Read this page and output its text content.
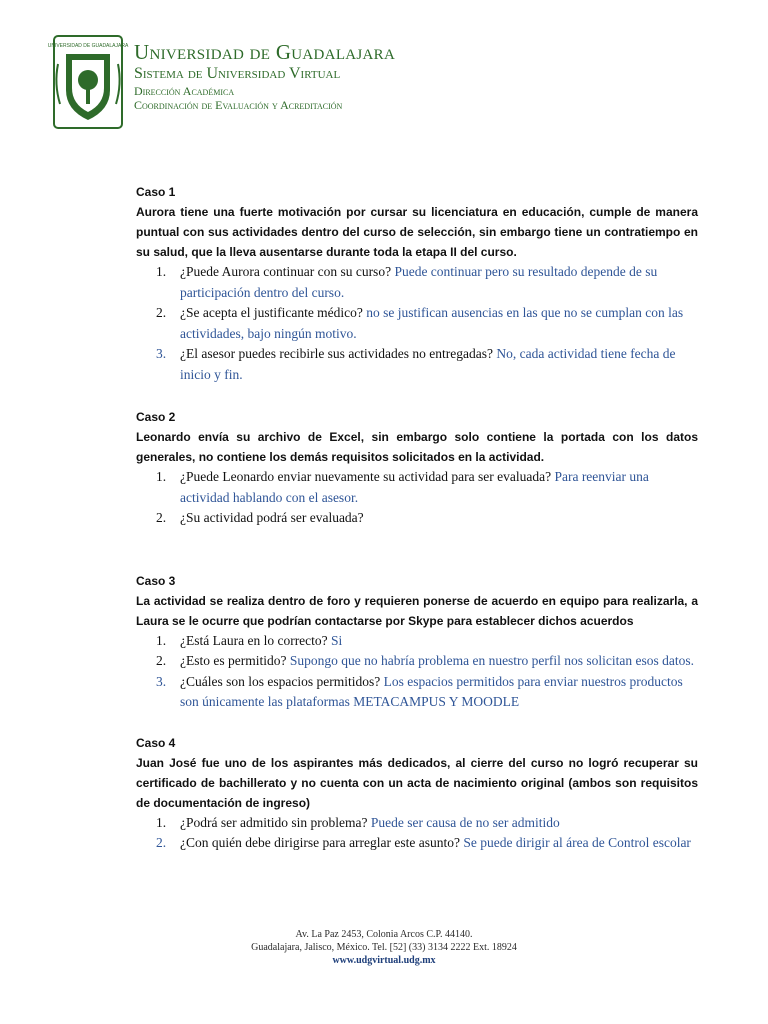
UNIVERSIDAD DE GUADALAJARA Universidad de Guadalajara
Sistema de Universidad Virtual
Dirección Académica
Coordinación de Evaluación y Acreditación
Caso 1
Aurora tiene una fuerte motivación por cursar su licenciatura en educación, cumple de manera puntual con sus actividades dentro del curso de selección, sin embargo tiene un contratiempo en su salud, que la lleva ausentarse durante toda la etapa II del curso.
1.	¿Puede Aurora continuar con su curso? Puede continuar pero su resultado depende de su participación dentro del curso.
2.	¿Se acepta el justificante médico? no se justifican ausencias en las que no se cumplan con las actividades, bajo ningún motivo.
3.	¿El asesor puedes recibirle sus actividades no entregadas? No, cada actividad tiene fecha de inicio y fin.
Caso 2
Leonardo envía su archivo de Excel, sin embargo solo contiene la portada con los datos generales, no contiene los demás requisitos solicitados en la actividad.
1.	¿Puede Leonardo enviar nuevamente su actividad para ser evaluada? Para reenviar una actividad hablando con el asesor.
2.	¿Su actividad podrá ser evaluada?
Caso 3
La actividad se realiza dentro de foro y requieren ponerse de acuerdo en equipo para realizarla, a Laura se le ocurre que podrían contactarse por Skype para establecer dichos acuerdos
1.	¿Está Laura en lo correcto? Si
2.	¿Esto es permitido? Supongo que no habría problema en nuestro perfil nos solicitan esos datos.
3.	¿Cuáles son los espacios permitidos? Los espacios permitidos para enviar nuestros productos son únicamente las plataformas METACAMPUS Y MOODLE
Caso 4
Juan José fue uno de los aspirantes más dedicados, al cierre del curso no logró recuperar su certificado de bachillerato y no cuenta con un acta de nacimiento original (ambos son requisitos de documentación de ingreso)
1.	¿Podrá ser admitido sin problema? Puede ser causa de no ser admitido
2.	¿Con quién debe dirigirse para arreglar este asunto? Se puede dirigir al área de Control escolar
Av. La Paz 2453, Colonia Arcos C.P. 44140.
Guadalajara, Jalisco, México. Tel. [52] (33) 3134 2222 Ext. 18924
www.udgvirtual.udg.mx
